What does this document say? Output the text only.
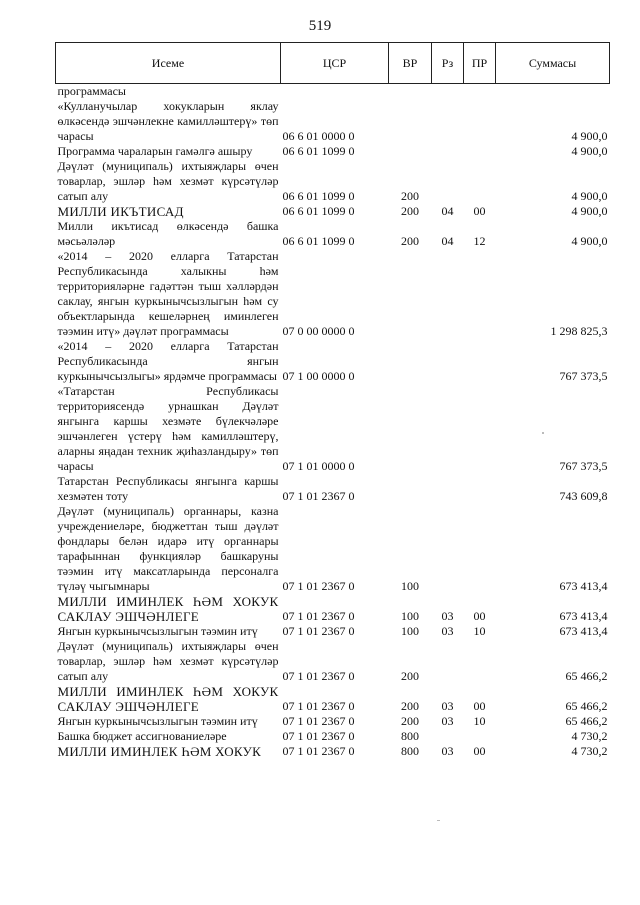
519
Исеме	ЦСР	ВР	Рз	ПР	Суммасы
программасы					
«Кулланучылар хокукларын яклау өлкәсендә эшчәнлекне камилләштерү» төп чарасы	06 6 01 0000 0				4 900,0
Программа чараларын гамәлгә ашыру	06 6 01 1099 0				4 900,0
Дәүләт (муниципаль) ихтыяҗлары өчен товарлар, эшләр һәм хезмәт күрсәтүләр сатып алу	06 6 01 1099 0	200			4 900,0
МИЛЛИ ИКЪТИСАД	06 6 01 1099 0	200	04	00	4 900,0
Милли икътисад өлкәсендә башка мәсьәләләр	06 6 01 1099 0	200	04	12	4 900,0
«2014 – 2020 елларга Татарстан Республикасында халыкны һәм территорияләрне гадәттән тыш хәлләрдән саклау, янгын куркынычсызлыгын һәм су объектларында кешеләрнең иминлеген тәэмин итү» дәүләт программасы	07 0 00 0000 0				1 298 825,3
«2014 – 2020 елларга Татарстан Республикасында янгын куркынычсызлыгы» ярдәмче программасы	07 1 00 0000 0				767 373,5
«Татарстан Республикасы территориясендә урнашкан Дәүләт янгынга каршы хезмәте бүлекчәләре эшчәнлеген үстерү һәм камилләштерү, аларны яңадан техник җиһазландыру» төп чарасы	07 1 01 0000 0				767 373,5
Татарстан Республикасы янгынга каршы хезмәтен тоту	07 1 01 2367 0				743 609,8
Дәүләт (муниципаль) органнары, казна учреждениеләре, бюджеттан тыш дәүләт фондлары белән идарә итү органнары тарафыннан функцияләр башкаруны тәэмин итү максатларында персоналга түләү чыгымнары	07 1 01 2367 0	100			673 413,4
МИЛЛИ ИМИНЛЕК ҺӘМ ХОКУК САКЛАУ ЭШЧӘНЛЕГЕ	07 1 01 2367 0	100	03	00	673 413,4
Янгын куркынычсызлыгын тәэмин итү	07 1 01 2367 0	100	03	10	673 413,4
Дәүләт (муниципаль) ихтыяҗлары өчен товарлар, эшләр һәм хезмәт күрсәтүләр сатып алу	07 1 01 2367 0	200			65 466,2
МИЛЛИ ИМИНЛЕК ҺӘМ ХОКУК САКЛАУ ЭШЧӘНЛЕГЕ	07 1 01 2367 0	200	03	00	65 466,2
Янгын куркынычсызлыгын тәэмин итү	07 1 01 2367 0	200	03	10	65 466,2
Башка бюджет ассигнованиеләре	07 1 01 2367 0	800			4 730,2
МИЛЛИ ИМИНЛЕК ҺӘМ ХОКУК	07 1 01 2367 0	800	03	00	4 730,2
